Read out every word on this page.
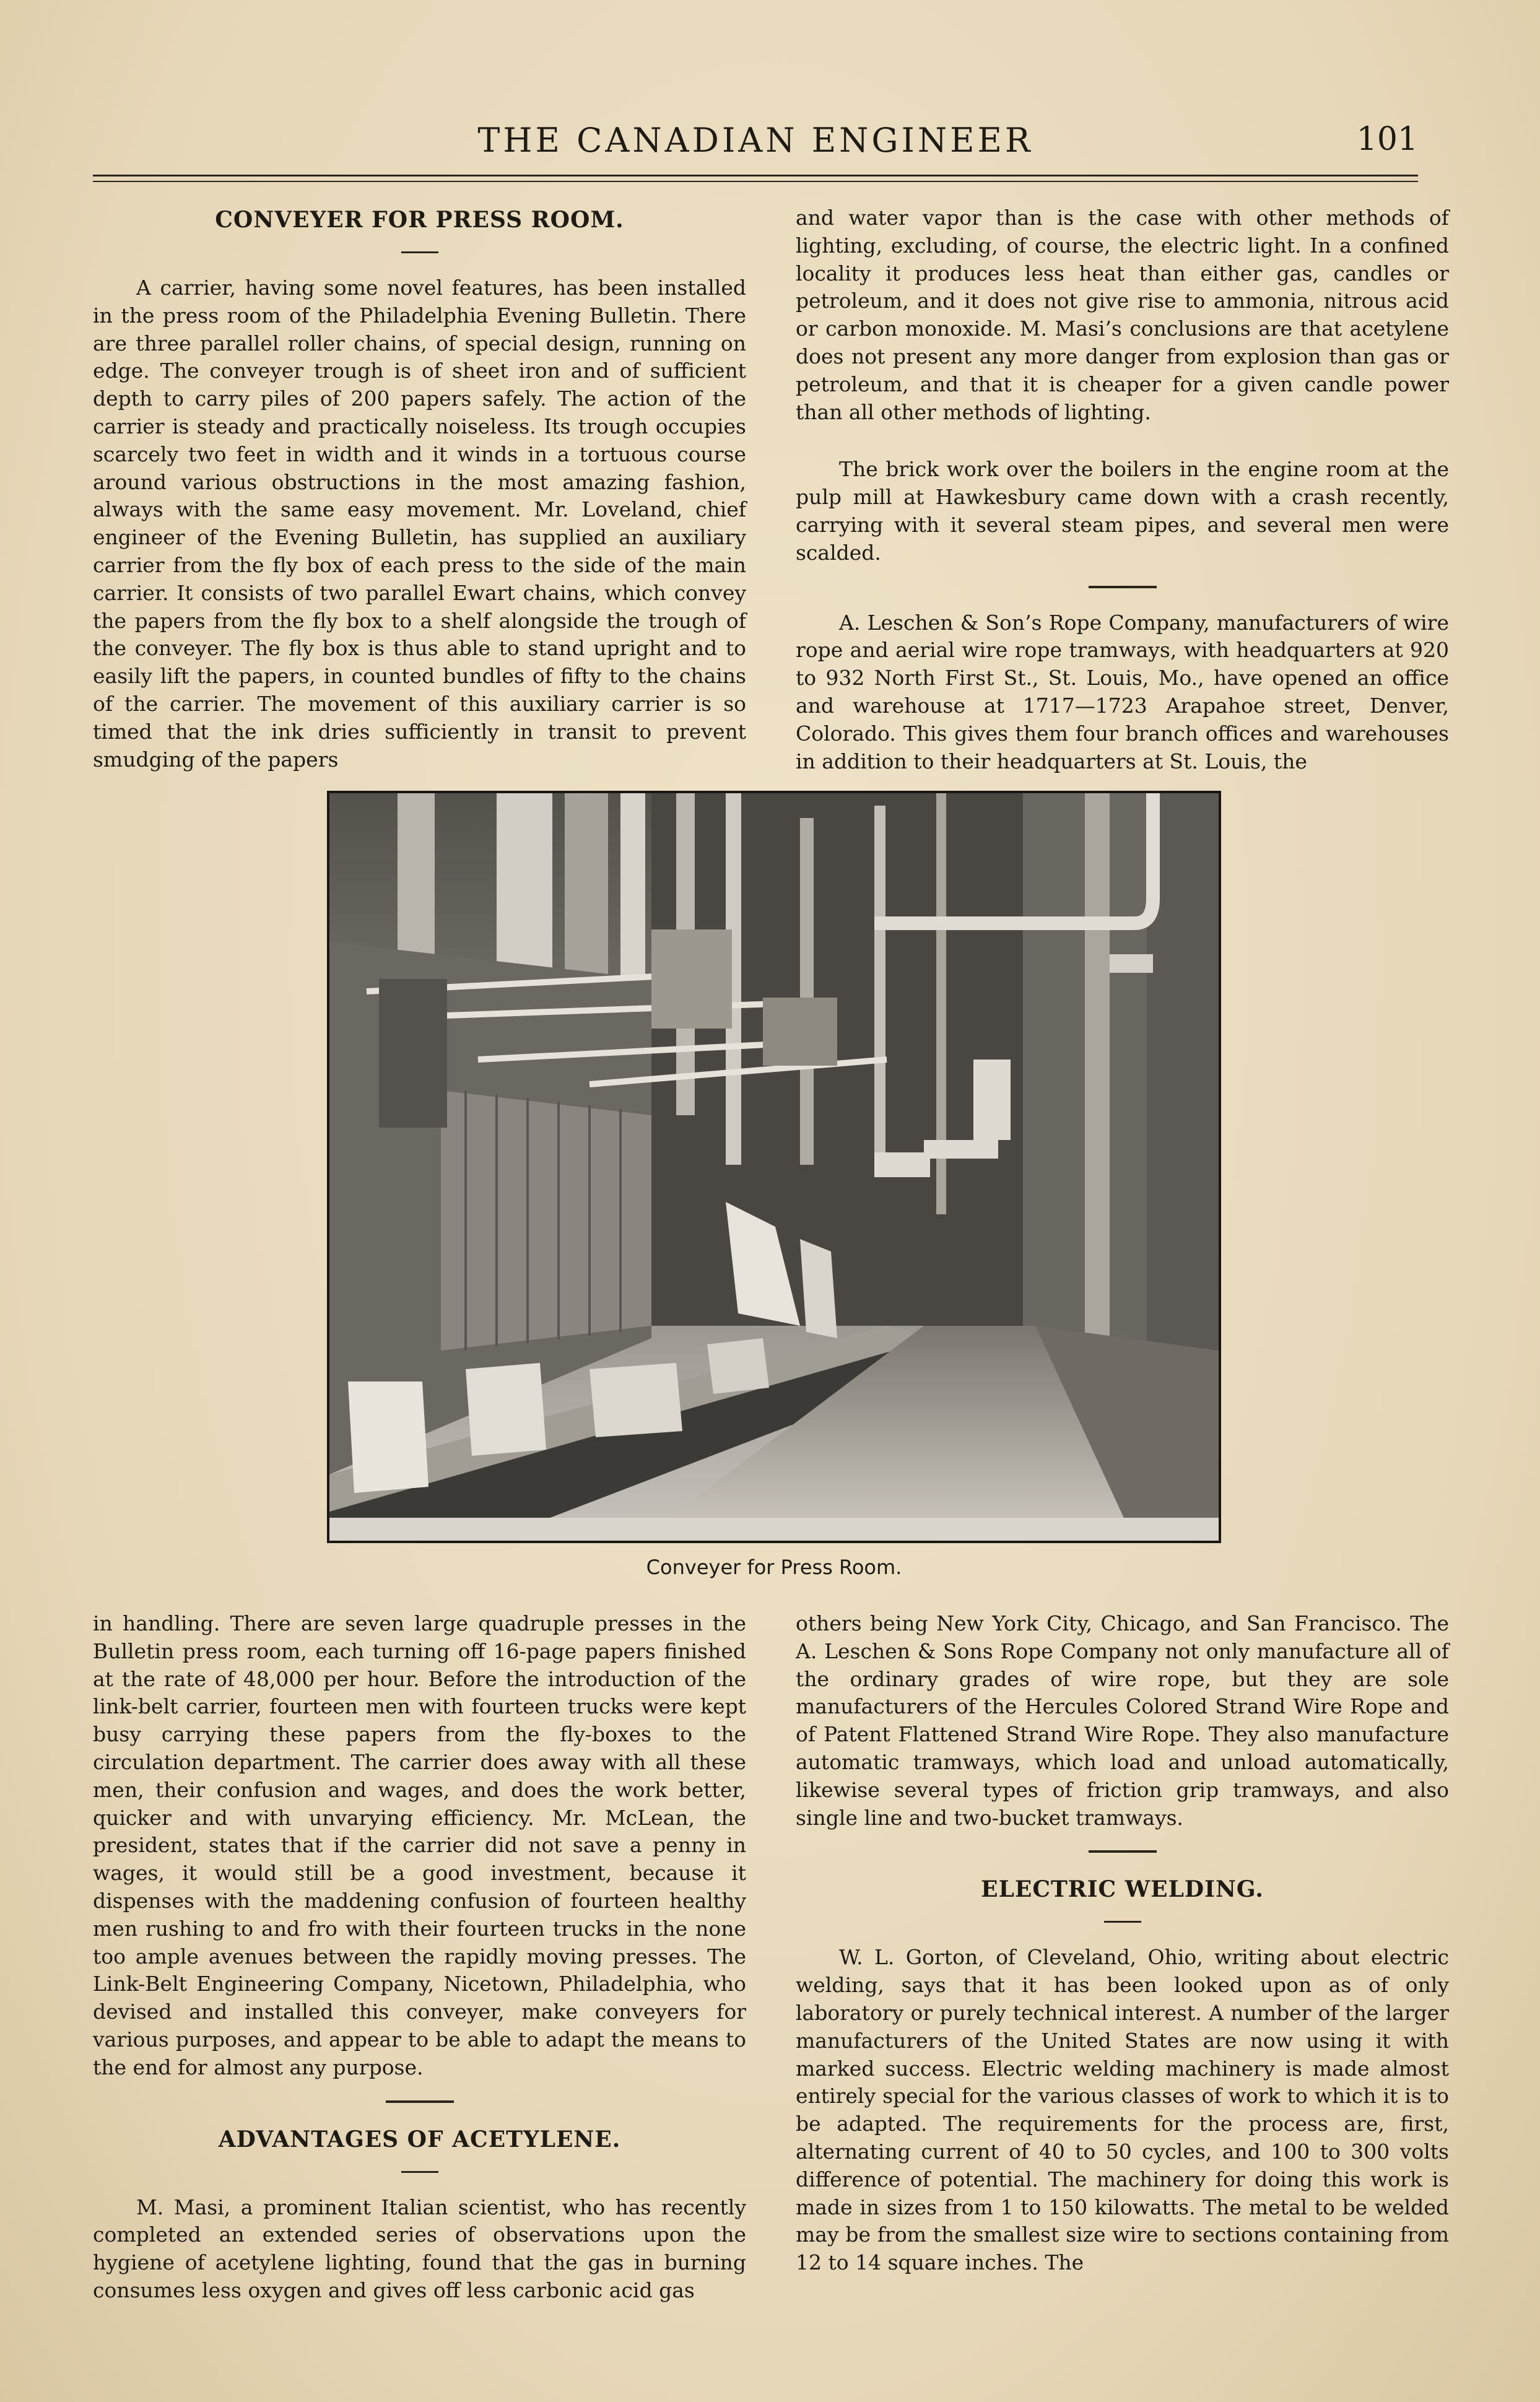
THE CANADIAN ENGINEER	101
CONVEYER FOR PRESS ROOM.

A carrier, having some novel features, has been installed in the press room of the Philadelphia Evening Bulletin. There are three parallel roller chains, of special design, running on edge. The conveyer trough is of sheet iron and of sufficient depth to carry piles of 200 papers safely. The action of the carrier is steady and practically noiseless. Its trough occupies scarcely two feet in width and it winds in a tortuous course around various obstructions in the most amazing fashion, always with the same easy movement. Mr. Loveland, chief engineer of the Evening Bulletin, has supplied an auxiliary carrier from the fly box of each press to the side of the main carrier. It consists of two parallel Ewart chains, which convey the papers from the fly box to a shelf alongside the trough of the conveyer. The fly box is thus able to stand upright and to easily lift the papers, in counted bundles of fifty to the chains of the carrier. The movement of this auxiliary carrier is so timed that the ink dries sufficiently in transit to prevent smudging of the papers

and water vapor than is the case with other methods of lighting, excluding, of course, the electric light. In a confined locality it produces less heat than either gas, candles or petroleum, and it does not give rise to ammonia, nitrous acid or carbon monoxide. M. Masi’s conclusions are that acetylene does not present any more danger from explosion than gas or petroleum, and that it is cheaper for a given candle power than all other methods of lighting.

The brick work over the boilers in the engine room at the pulp mill at Hawkesbury came down with a crash recently, carrying with it several steam pipes, and several men were scalded.

A. Leschen & Son’s Rope Company, manufacturers of wire rope and aerial wire rope tramways, with headquarters at 920 to 932 North First St., St. Louis, Mo., have opened an office and warehouse at 1717—1723 Arapahoe street, Denver, Colorado. This gives them four branch offices and warehouses in addition to their headquarters at St. Louis, the

Conveyer for Press Room.

in handling. There are seven large quadruple presses in the Bulletin press room, each turning off 16-page papers finished at the rate of 48,000 per hour. Before the introduction of the link-belt carrier, fourteen men with fourteen trucks were kept busy carrying these papers from the fly-boxes to the circulation department. The carrier does away with all these men, their confusion and wages, and does the work better, quicker and with unvarying efficiency. Mr. McLean, the president, states that if the carrier did not save a penny in wages, it would still be a good investment, because it dispenses with the maddening confusion of fourteen healthy men rushing to and fro with their fourteen trucks in the none too ample avenues between the rapidly moving presses. The Link-Belt Engineering Company, Nicetown, Philadelphia, who devised and installed this conveyer, make conveyers for various purposes, and appear to be able to adapt the means to the end for almost any purpose.

ADVANTAGES OF ACETYLENE.

M. Masi, a prominent Italian scientist, who has recently completed an extended series of observations upon the hygiene of acetylene lighting, found that the gas in burning consumes less oxygen and gives off less carbonic acid gas

others being New York City, Chicago, and San Francisco. The A. Leschen & Sons Rope Company not only manufacture all of the ordinary grades of wire rope, but they are sole manufacturers of the Hercules Colored Strand Wire Rope and of Patent Flattened Strand Wire Rope. They also manufacture automatic tramways, which load and unload automatically, likewise several types of friction grip tramways, and also single line and two-bucket tramways.

ELECTRIC WELDING.

W. L. Gorton, of Cleveland, Ohio, writing about electric welding, says that it has been looked upon as of only laboratory or purely technical interest. A number of the larger manufacturers of the United States are now using it with marked success. Electric welding machinery is made almost entirely special for the various classes of work to which it is to be adapted. The requirements for the process are, first, alternating current of 40 to 50 cycles, and 100 to 300 volts difference of potential. The machinery for doing this work is made in sizes from 1 to 150 kilowatts. The metal to be welded may be from the smallest size wire to sections containing from 12 to 14 square inches. The
